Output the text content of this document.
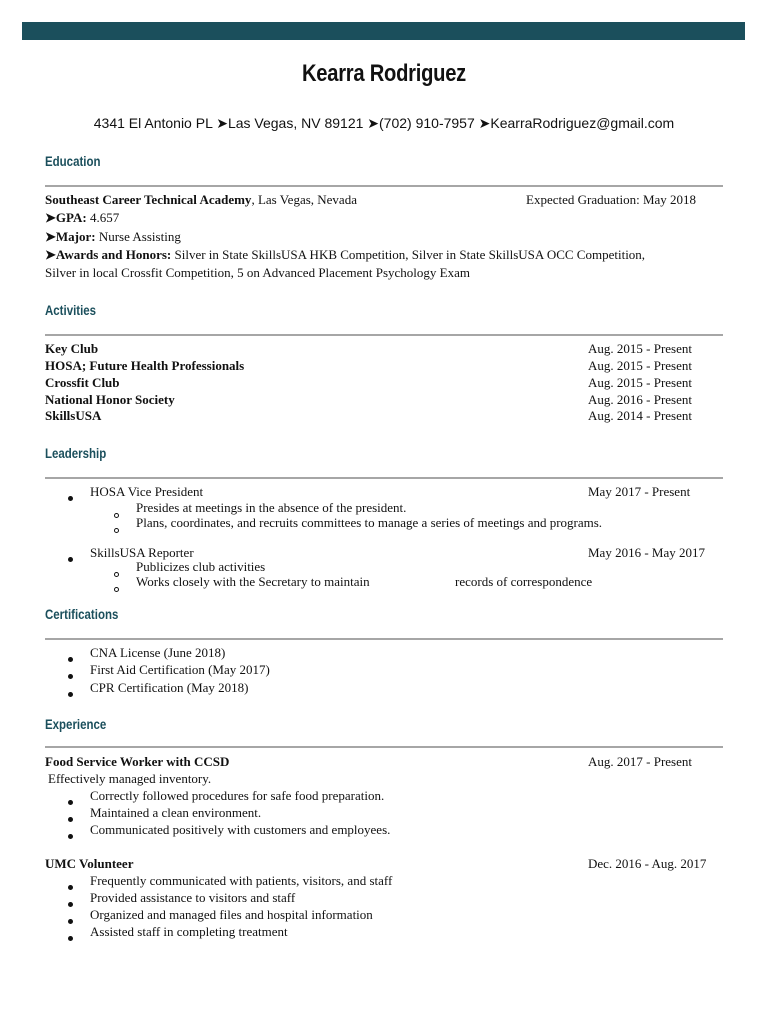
Kearra Rodriguez
4341 El Antonio PL ➤Las Vegas, NV 89121 ➤(702) 910-7957 ➤KearraRodriguez@gmail.com
Education
Southeast Career Technical Academy, Las Vegas, Nevada	Expected Graduation: May 2018
➤GPA: 4.657
➤Major: Nurse Assisting
➤Awards and Honors: Silver in State SkillsUSA HKB Competition, Silver in State SkillsUSA OCC Competition,
Silver in local Crossfit Competition, 5 on Advanced Placement Psychology Exam
Activities
Key Club	Aug. 2015 - Present
HOSA; Future Health Professionals	Aug. 2015 - Present
Crossfit Club	Aug. 2015 - Present
National Honor Society	Aug. 2016 - Present
SkillsUSA	Aug. 2014 - Present
Leadership
HOSA Vice President	May 2017 - Present
Presides at meetings in the absence of the president.
Plans, coordinates, and recruits committees to manage a series of meetings and programs.
SkillsUSA Reporter	May 2016 - May 2017
Publicizes club activities
Works closely with the Secretary to maintain	records of correspondence
Certifications
CNA License (June 2018)
First Aid Certification (May 2017)
CPR Certification (May 2018)
Experience
Food Service Worker with CCSD	Aug. 2017 - Present
Effectively managed inventory.
Correctly followed procedures for safe food preparation.
Maintained a clean environment.
Communicated positively with customers and employees.
UMC Volunteer	Dec. 2016 - Aug. 2017
Frequently communicated with patients, visitors, and staff
Provided assistance to visitors and staff
Organized and managed files and hospital information
Assisted staff in completing treatment
